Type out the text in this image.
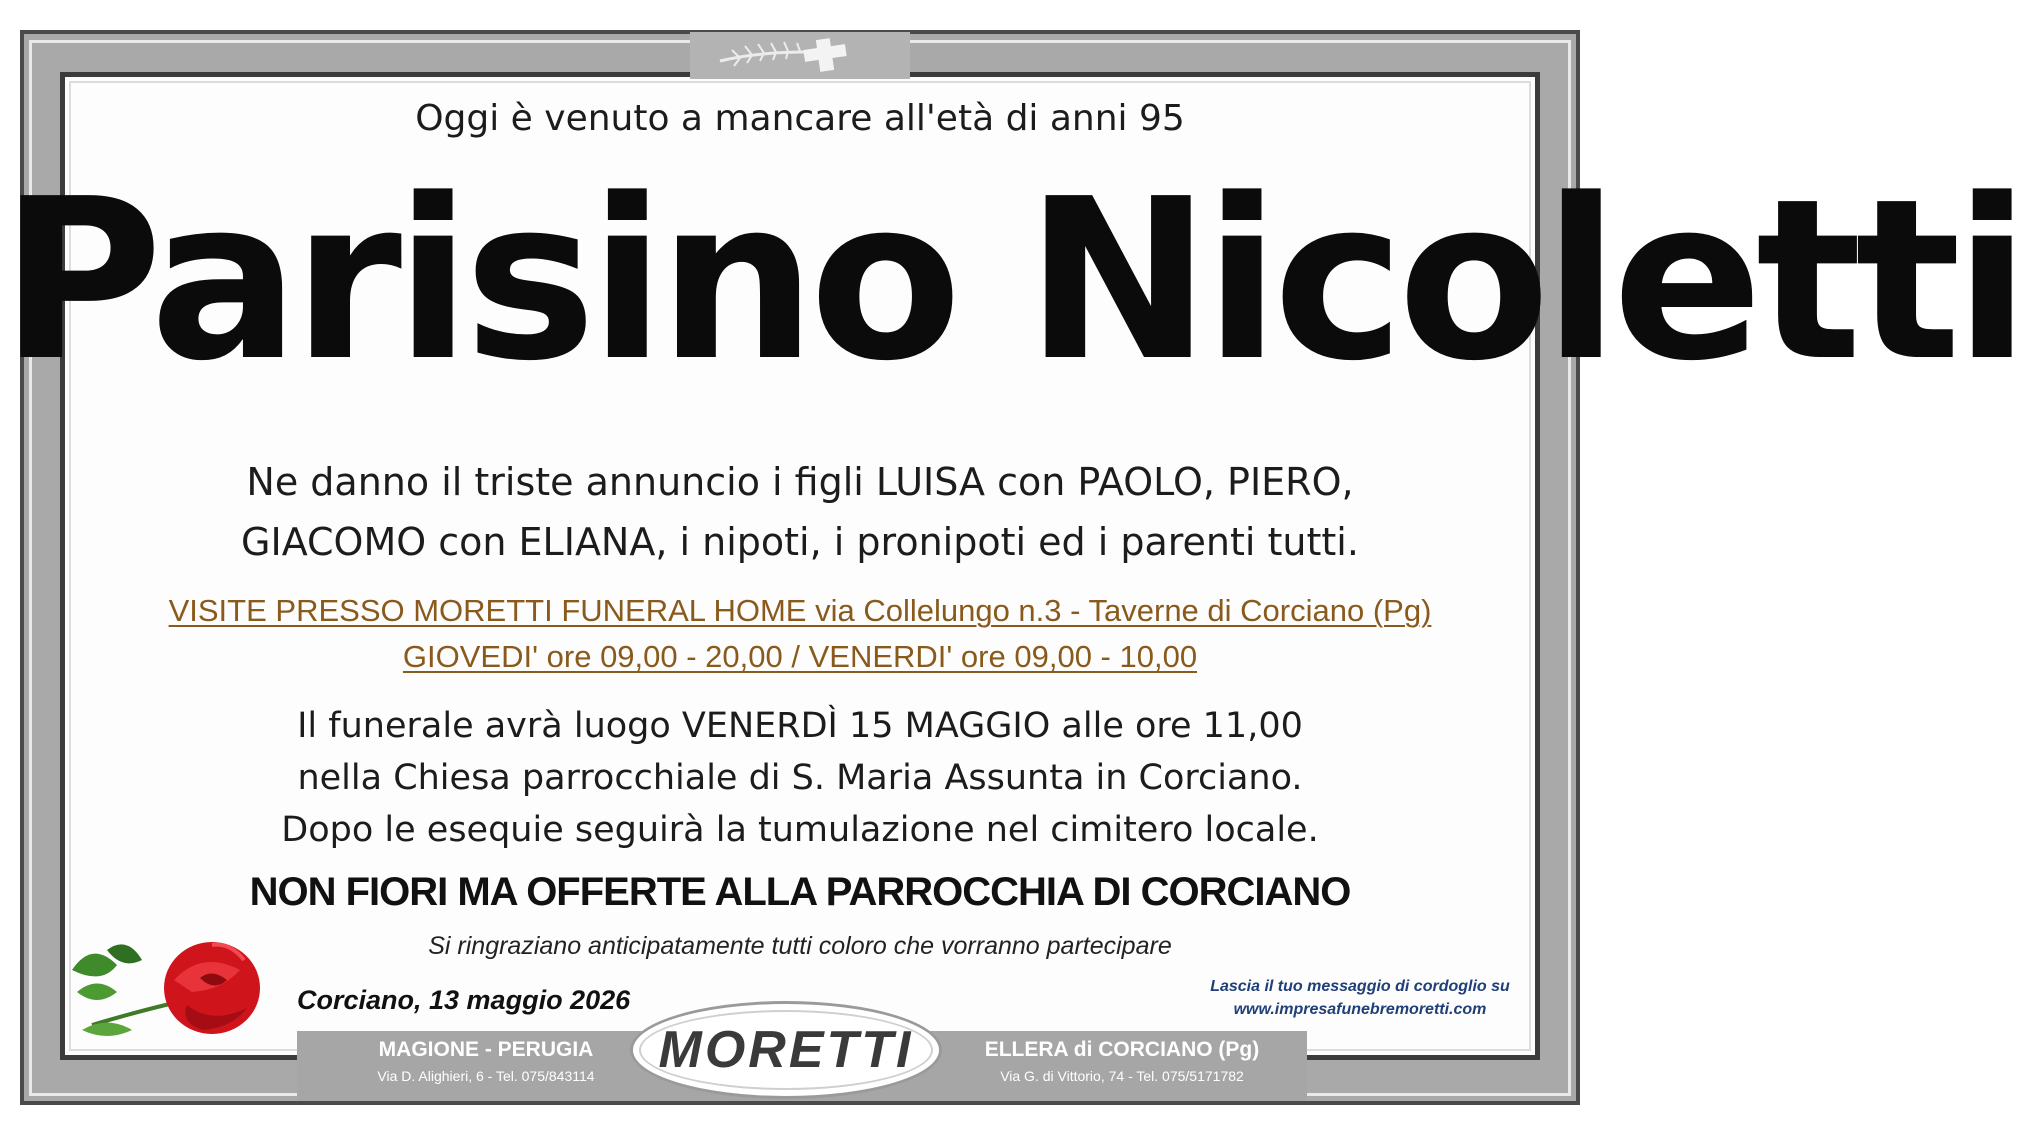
Oggi è venuto a mancare all'età di anni 95
Parisino Nicoletti
Ne danno il triste annuncio i figli LUISA con PAOLO, PIERO,
GIACOMO con ELIANA, i nipoti, i pronipoti ed i parenti tutti.
VISITE PRESSO MORETTI FUNERAL HOME via Collelungo n.3 - Taverne di Corciano (Pg)
GIOVEDI' ore 09,00 - 20,00 / VENERDI' ore 09,00 - 10,00
Il funerale avrà luogo VENERDÌ 15 MAGGIO alle ore 11,00
nella Chiesa parrocchiale di S. Maria Assunta in Corciano.
Dopo le esequie seguirà la tumulazione nel cimitero locale.
NON FIORI MA OFFERTE ALLA PARROCCHIA DI CORCIANO
Si ringraziano anticipatamente tutti coloro che vorranno partecipare
Corciano, 13 maggio 2026	Lascia il tuo messaggio di cordoglio su
www.impresafunebremoretti.com
MAGIONE - PERUGIA
Via D. Alighieri, 6 - Tel. 075/843114	MORETTI	ELLERA di CORCIANO (Pg)
Via G. di Vittorio, 74 - Tel. 075/5171782
